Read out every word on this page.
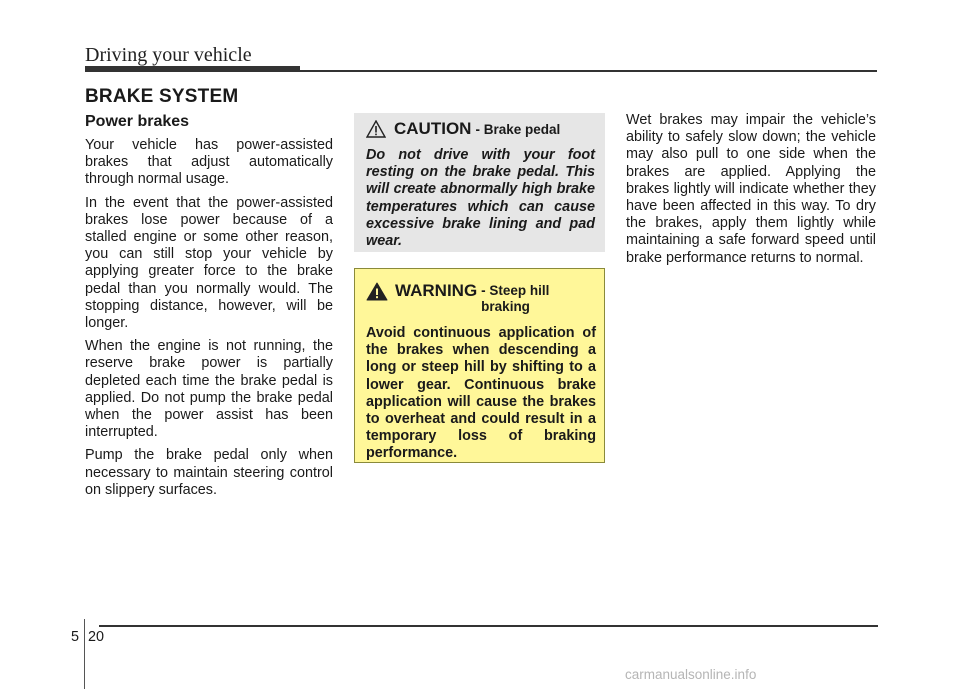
Driving your vehicle
BRAKE SYSTEM
Power brakes

Your vehicle has power-assisted brakes that adjust automatically through normal usage.

In the event that the power-assisted brakes lose power because of a stalled engine or some other reason, you can still stop your vehicle by applying greater force to the brake pedal than you normally would. The stopping distance, however, will be longer.

When the engine is not running, the reserve brake power is partially depleted each time the brake pedal is applied. Do not pump the brake pedal when the power assist has been interrupted.

Pump the brake pedal only when necessary to maintain steering control on slippery surfaces.

CAUTION - Brake pedal
Do not drive with your foot resting on the brake pedal. This will create abnormally high brake temperatures which can cause excessive brake lining and pad wear.
WARNING - Steep hill braking
Avoid continuous application of the brakes when descending a long or steep hill by shifting to a lower gear. Continuous brake application will cause the brakes to overheat and could result in a temporary loss of braking performance.

Wet brakes may impair the vehicle’s ability to safely slow down; the vehicle may also pull to one side when the brakes are applied. Applying the brakes lightly will indicate whether they have been affected in this way. To dry the brakes, apply them lightly while maintaining a safe forward speed until brake performance returns to normal.

5 20
carmanualsonline.info
